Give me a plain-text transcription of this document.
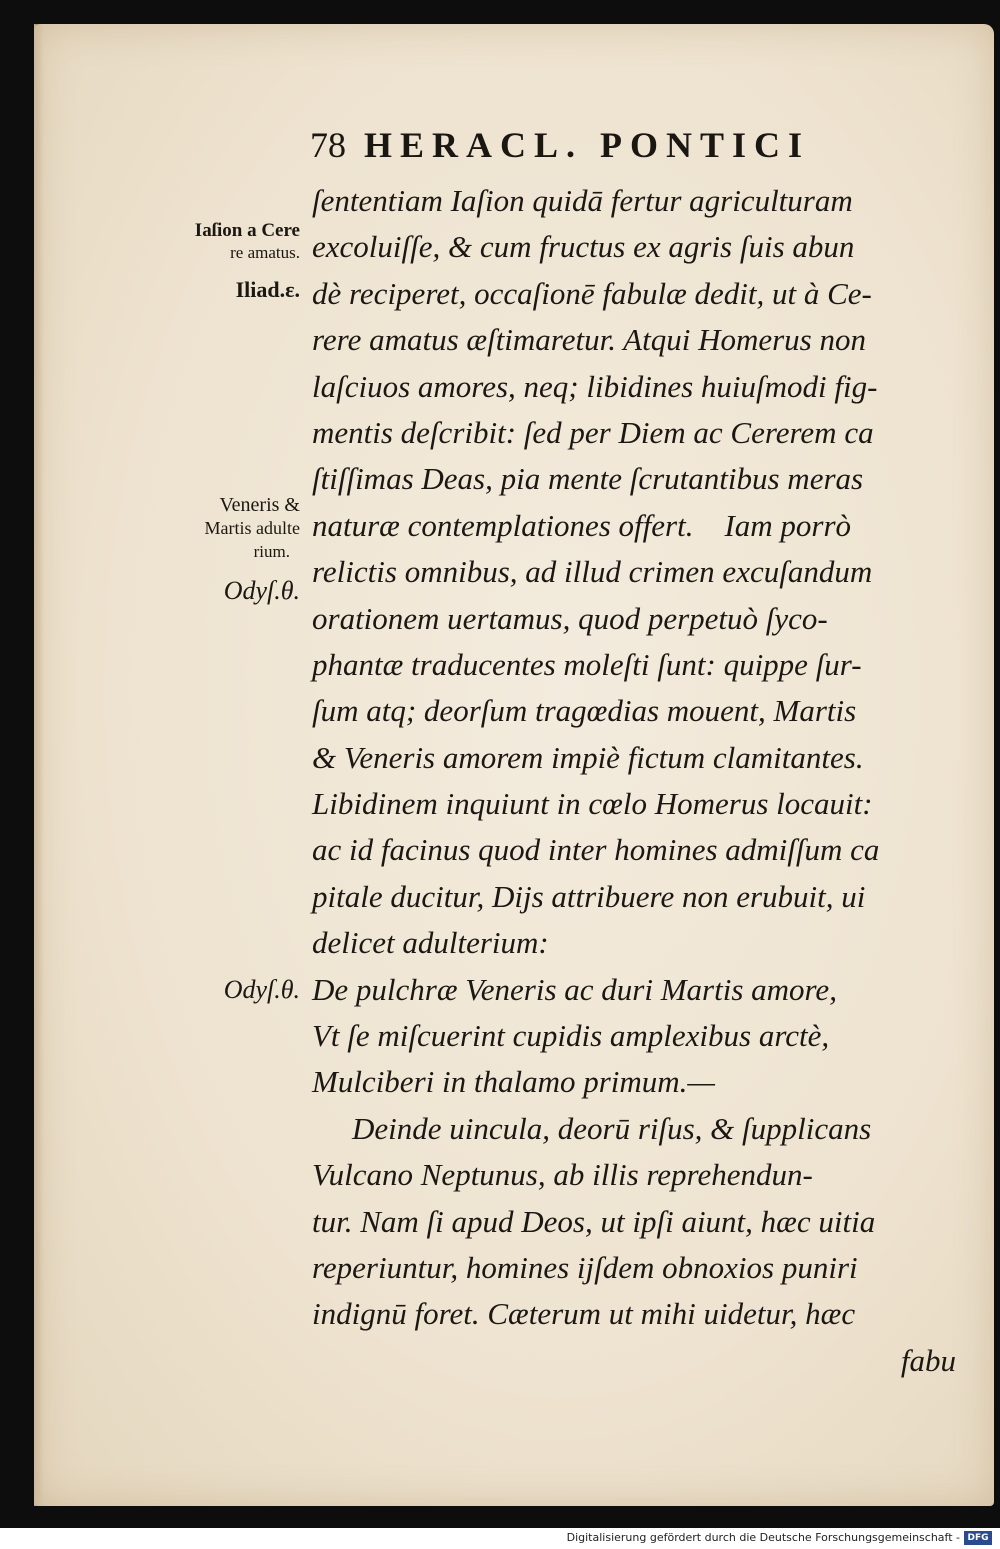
78 HERACL. PONTICI
Iaſion a Cere
re amatus.
Iliad.ε.
Veneris &
Martis adulte
rium.
Odyſ.θ.
Odyſ.θ.
ſententiam Iaſion quidā fertur agriculturam
excoluiſſe, & cum fructus ex agris ſuis abun
dè reciperet, occaſionē fabulæ dedit, ut à Ce-
rere amatus æſtimaretur. Atqui Homerus non
laſciuos amores, neq; libidines huiuſmodi fig-
mentis deſcribit: ſed per Diem ac Cererem ca
ſtiſſimas Deas, pia mente ſcrutantibus meras
naturæ contemplationes offert.    Iam porrò
relictis omnibus, ad illud crimen excuſandum
orationem uertamus, quod perpetuò ſyco-
phantæ traducentes moleſti ſunt: quippe ſur-
ſum atq; deorſum tragœdias mouent, Martis
& Veneris amorem impiè fictum clamitantes.
Libidinem inquiunt in cœlo Homerus locauit:
ac id facinus quod inter homines admiſſum ca
pitale ducitur, Dijs attribuere non erubuit, ui
delicet adulterium:
De pulchræ Veneris ac duri Martis amore,
Vt ſe miſcuerint cupidis amplexibus arctè,
Mulciberi in thalamo primum.—
Deinde uincula, deorū riſus, & ſupplicans
Vulcano Neptunus, ab illis reprehendun-
tur. Nam ſi apud Deos, ut ipſi aiunt, hæc uitia
reperiuntur, homines ijſdem obnoxios puniri
indignū foret. Cæterum ut mihi uidetur, hæc
fabu
Digitalisierung gefördert durch die Deutsche Forschungsgemeinschaft - DFG
